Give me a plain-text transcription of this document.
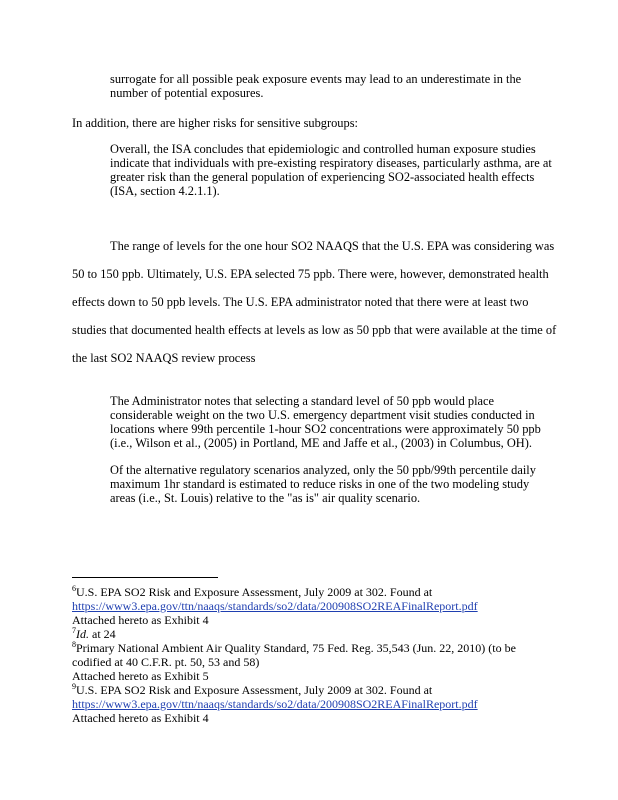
surrogate for all possible peak exposure events may lead to an underestimate in the

number of potential exposures.

In addition, there are higher risks for sensitive subgroups:

Overall, the ISA concludes that epidemiologic and controlled human exposure studies

indicate that individuals with pre-existing respiratory diseases, particularly asthma, are at

greater risk than the general population of experiencing SO2-associated health effects

(ISA, section 4.2.1.1).

The range of levels for the one hour SO2 NAAQS that the U.S. EPA was considering was
50 to 150 ppb. Ultimately, U.S. EPA selected 75 ppb. There were, however, demonstrated health
effects down to 50 ppb levels. The U.S. EPA administrator noted that there were at least two
studies that documented health effects at levels as low as 50 ppb that were available at the time of
the last SO2 NAAQS review process

The Administrator notes that selecting a standard level of 50 ppb would place

considerable weight on the two U.S. emergency department visit studies conducted in

locations where 99th percentile 1-hour SO2 concentrations were approximately 50 ppb

(i.e., Wilson et al., (2005) in Portland, ME and Jaffe et al., (2003) in Columbus, OH).

Of the alternative regulatory scenarios analyzed, only the 50 ppb/99th percentile daily

maximum 1hr standard is estimated to reduce risks in one of the two modeling study

areas (i.e., St. Louis) relative to the "as is" air quality scenario.

$^6$U.S. EPA SO2 Risk and Exposure Assessment, July 2009 at 302. Found at

https://www3.epa.gov/ttn/naaqs/standards/so2/data/200908SO2REAFinalReport.pdf

Attached hereto as Exhibit 4

$^7$Id. at 24

$^8$Primary National Ambient Air Quality Standard, 75 Fed. Reg. 35,543 (Jun. 22, 2010) (to be

codified at 40 C.F.R. pt. 50, 53 and 58)

Attached hereto as Exhibit 5

$^9$U.S. EPA SO2 Risk and Exposure Assessment, July 2009 at 302. Found at

https://www3.epa.gov/ttn/naaqs/standards/so2/data/200908SO2REAFinalReport.pdf

Attached hereto as Exhibit 4
